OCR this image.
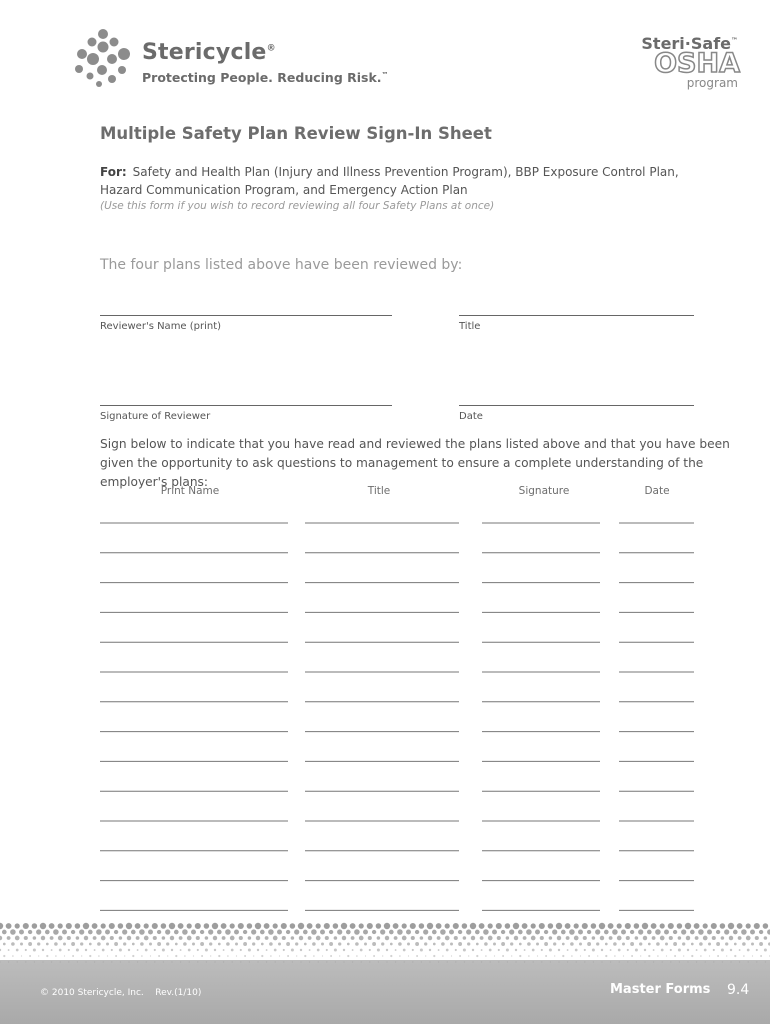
Stericycle®
Protecting People. Reducing Risk.™
Steri·Safe™
OSHA
program
Multiple Safety Plan Review Sign-In Sheet
For: Safety and Health Plan (Injury and Illness Prevention Program), BBP Exposure Control Plan, Hazard Communication Program, and Emergency Action Plan
(Use this form if you wish to record reviewing all four Safety Plans at once)
The four plans listed above have been reviewed by:
Reviewer's Name (print)	Title
Signature of Reviewer	Date
Sign below to indicate that you have read and reviewed the plans listed above and that you have been given the opportunity to ask questions to management to ensure a complete understanding of the employer's plans:
Print Name	Title	Signature	Date
© 2010 Stericycle, Inc. Rev.(1/10)	Master Forms 9.4
